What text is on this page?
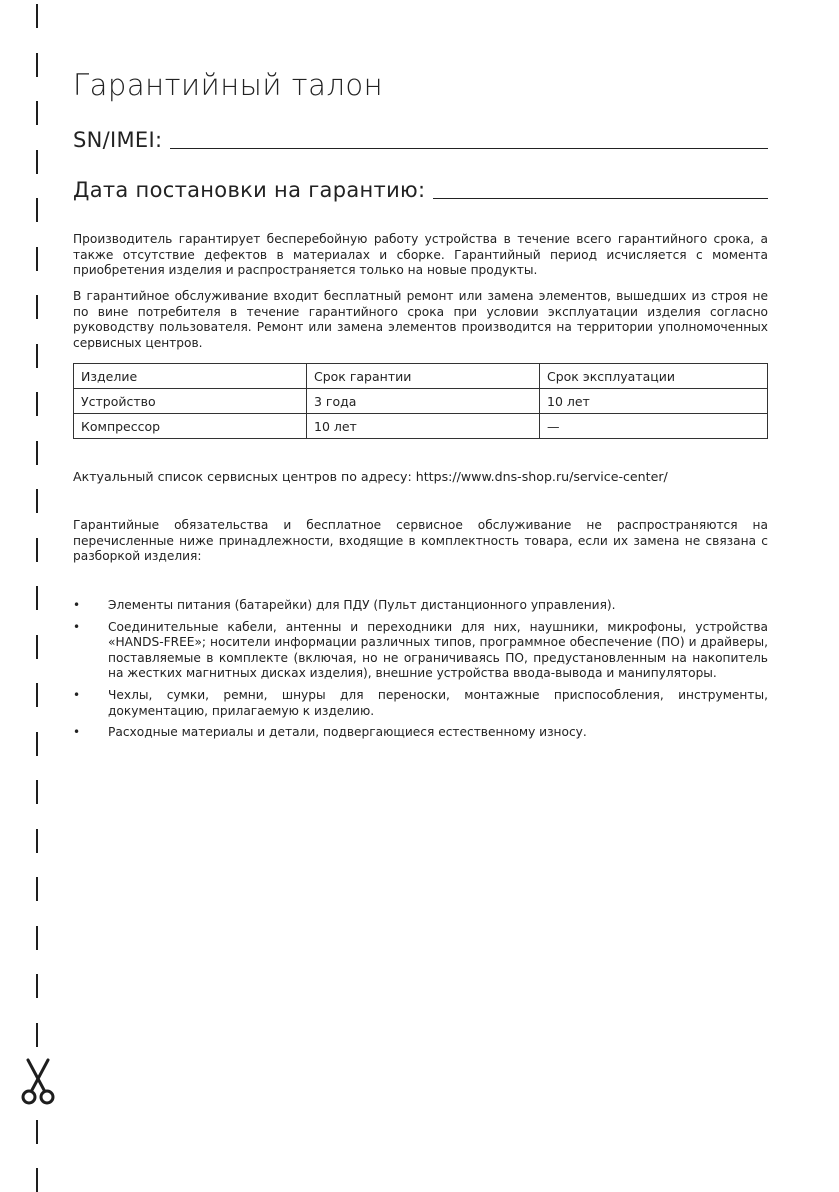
Гарантийный талон
SN/IMEI:
Дата постановки на гарантию:

Производитель гарантирует бесперебойную работу устройства в течение всего гарантийного срока, а также отсутствие дефектов в материалах и сборке. Гарантийный период исчисляется с момента приобретения изделия и распространяется только на новые продукты.

В гарантийное обслуживание входит бесплатный ремонт или замена элементов, вышедших из строя не по вине потребителя в течение гарантийного срока при условии эксплуатации изделия согласно руководству пользователя. Ремонт или замена элементов производится на территории уполномоченных сервисных центров.

Изделие	Срок гарантии	Срок эксплуатации
Устройство	3 года	10 лет
Компрессор	10 лет	—
Актуальный список сервисных центров по адресу: https://www.dns-shop.ru/service-center/

Гарантийные обязательства и бесплатное сервисное обслуживание не распространяются на перечисленные ниже принадлежности, входящие в комплектность товара, если их замена не связана с разборкой изделия:

• Элементы питания (батарейки) для ПДУ (Пульт дистанционного управления).
• Соединительные кабели, антенны и переходники для них, наушники, микрофоны, устройства «HANDS-FREE»; носители информации различных типов, программное обеспечение (ПО) и драйверы, поставляемые в комплекте (включая, но не ограничиваясь ПО, предустановленным на накопитель на жестких магнитных дисках изделия), внешние устройства ввода-вывода и манипуляторы.
• Чехлы, сумки, ремни, шнуры для переноски, монтажные приспособления, инструменты, документацию, прилагаемую к изделию.
• Расходные материалы и детали, подвергающиеся естественному износу.
